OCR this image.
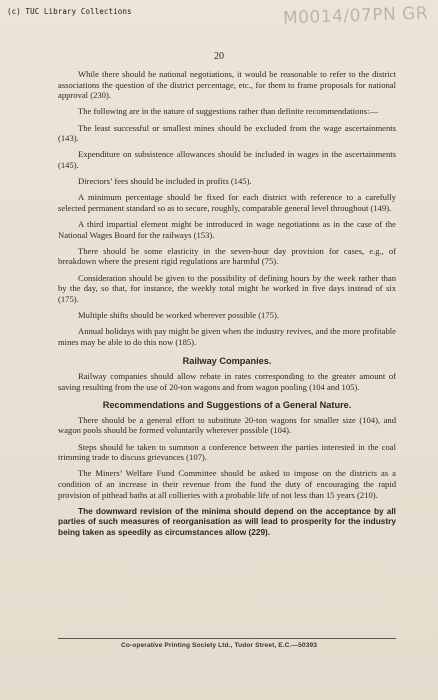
(c) TUC Library Collections	M0014/07PN GR
20

While there should be national negotiations, it would be reasonable to refer to the district associations the question of the district percentage, etc., for them to frame proposals for national approval (230).

The following are in the nature of suggestions rather than definite recommendations:—

The least successful or smallest mines should be excluded from the wage ascertainments (143).

Expenditure on subsistence allowances should be included in wages in the ascertainments (145).

Directors’ fees should be included in profits (145).

A minimum percentage should be fixed for each district with reference to a carefully selected permanent standard so as to secure, roughly, comparable general level throughout (149).

A third impartial element might be introduced in wage negotiations as in the case of the National Wages Board for the railways (153).

There should be some elasticity in the seven-hour day provision for cases, e.g., of breakdown where the present rigid regulations are harmful (75).

Consideration should be given to the possibility of defining hours by the week rather than by the day, so that, for instance, the weekly total might be worked in five days instead of six (175).

Multiple shifts should be worked wherever possible (175).

Annual holidays with pay might be given when the industry revives, and the more profitable mines may be able to do this now (185).

Railway Companies.

Railway companies should allow rebate in rates corresponding to the greater amount of saving resulting from the use of 20-ton wagons and from wagon pooling (104 and 105).

Recommendations and Suggestions of a General Nature.

There should be a general effort to substitute 20-ton wagons for smaller size (104), and wagon pools should be formed voluntarily wherever possible (104).

Steps should be taken to summon a conference between the parties interested in the coal trimming trade to discuss grievances (107).

The Miners’ Welfare Fund Committee should be asked to impose on the districts as a condition of an increase in their revenue from the fund the duty of encouraging the rapid provision of pithead baths at all collieries with a probable life of not less than 15 years (210).

The downward revision of the minima should depend on the acceptance by all parties of such measures of reorganisation as will lead to prosperity for the industry being taken as speedily as circumstances allow (229).

Co-operative Printing Society Ltd., Tudor Street, E.C.—50393
